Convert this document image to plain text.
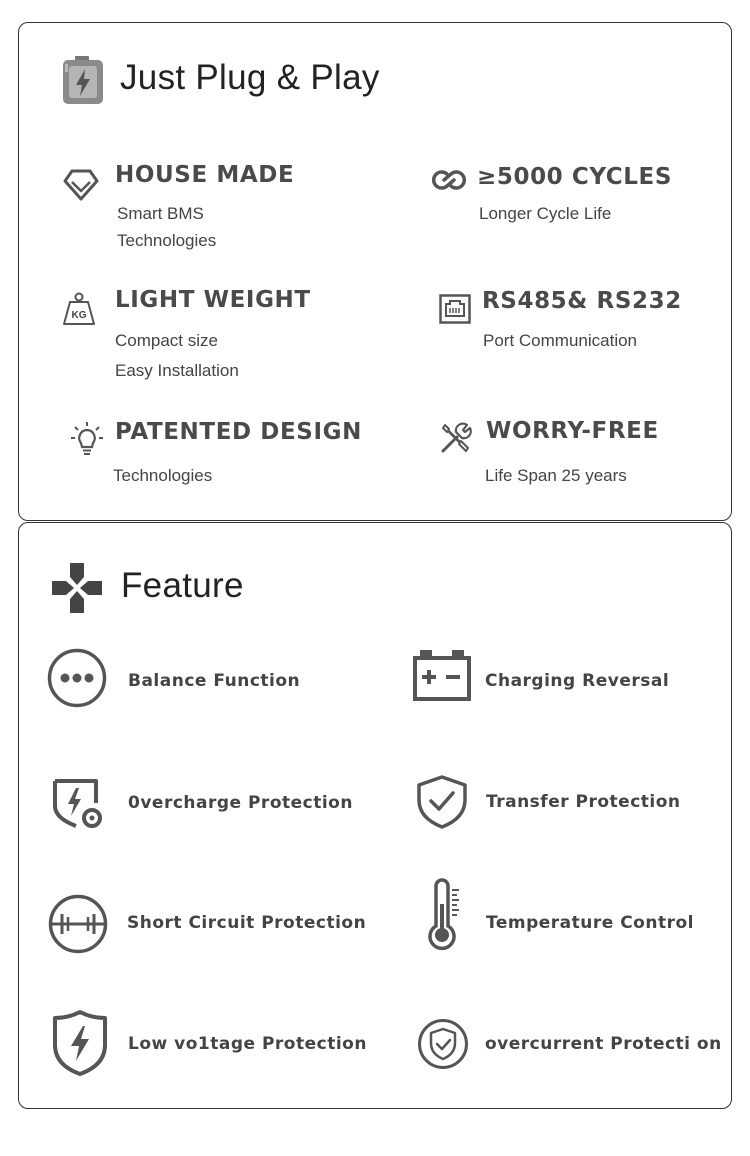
Just Plug & Play
HOUSE MADE
Smart BMS
Technologies
≥5000 CYCLES
Longer Cycle Life
KG
LIGHT WEIGHT
Compact size
Easy Installation
RS485& RS232
Port Communication
PATENTED DESIGN
Technologies
WORRY-FREE
Life Span 25 years
Feature
Balance Function	Charging Reversal
0vercharge Protection	Transfer Protection
Short Circuit Protection	Temperature Control
Low vo1tage Protection	overcurrent Protecti on
